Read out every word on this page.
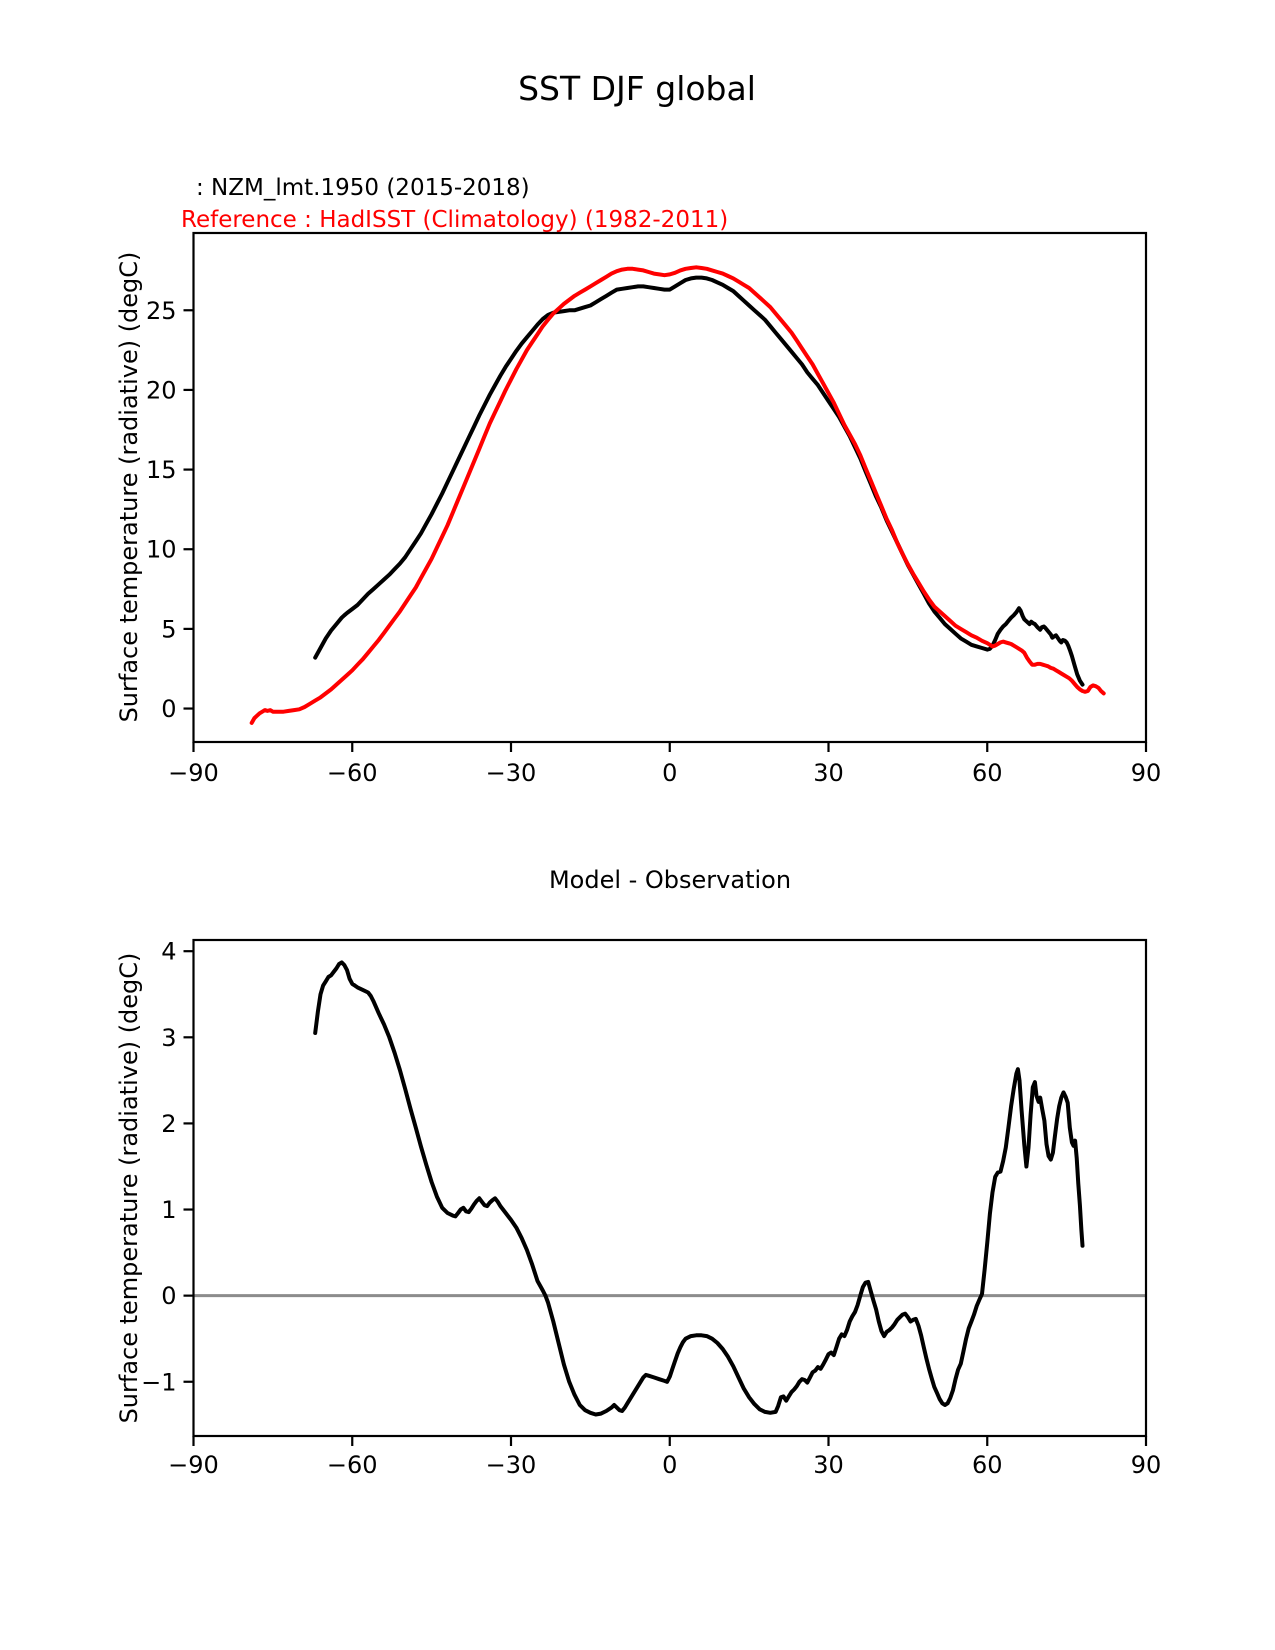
SST DJF global
: NZM_lmt.1950 (2015-2018)
Reference : HadISST (Climatology) (1982-2011)
Surface temperature (radiative) (degC)
Surface temperature (radiative) (degC)
Model - Observation
−90	−60	−30	0	30	60	90
0
5
10
15
20
25
−90	−60	−30	0	30	60	90
−1
0
1
2
3
4
